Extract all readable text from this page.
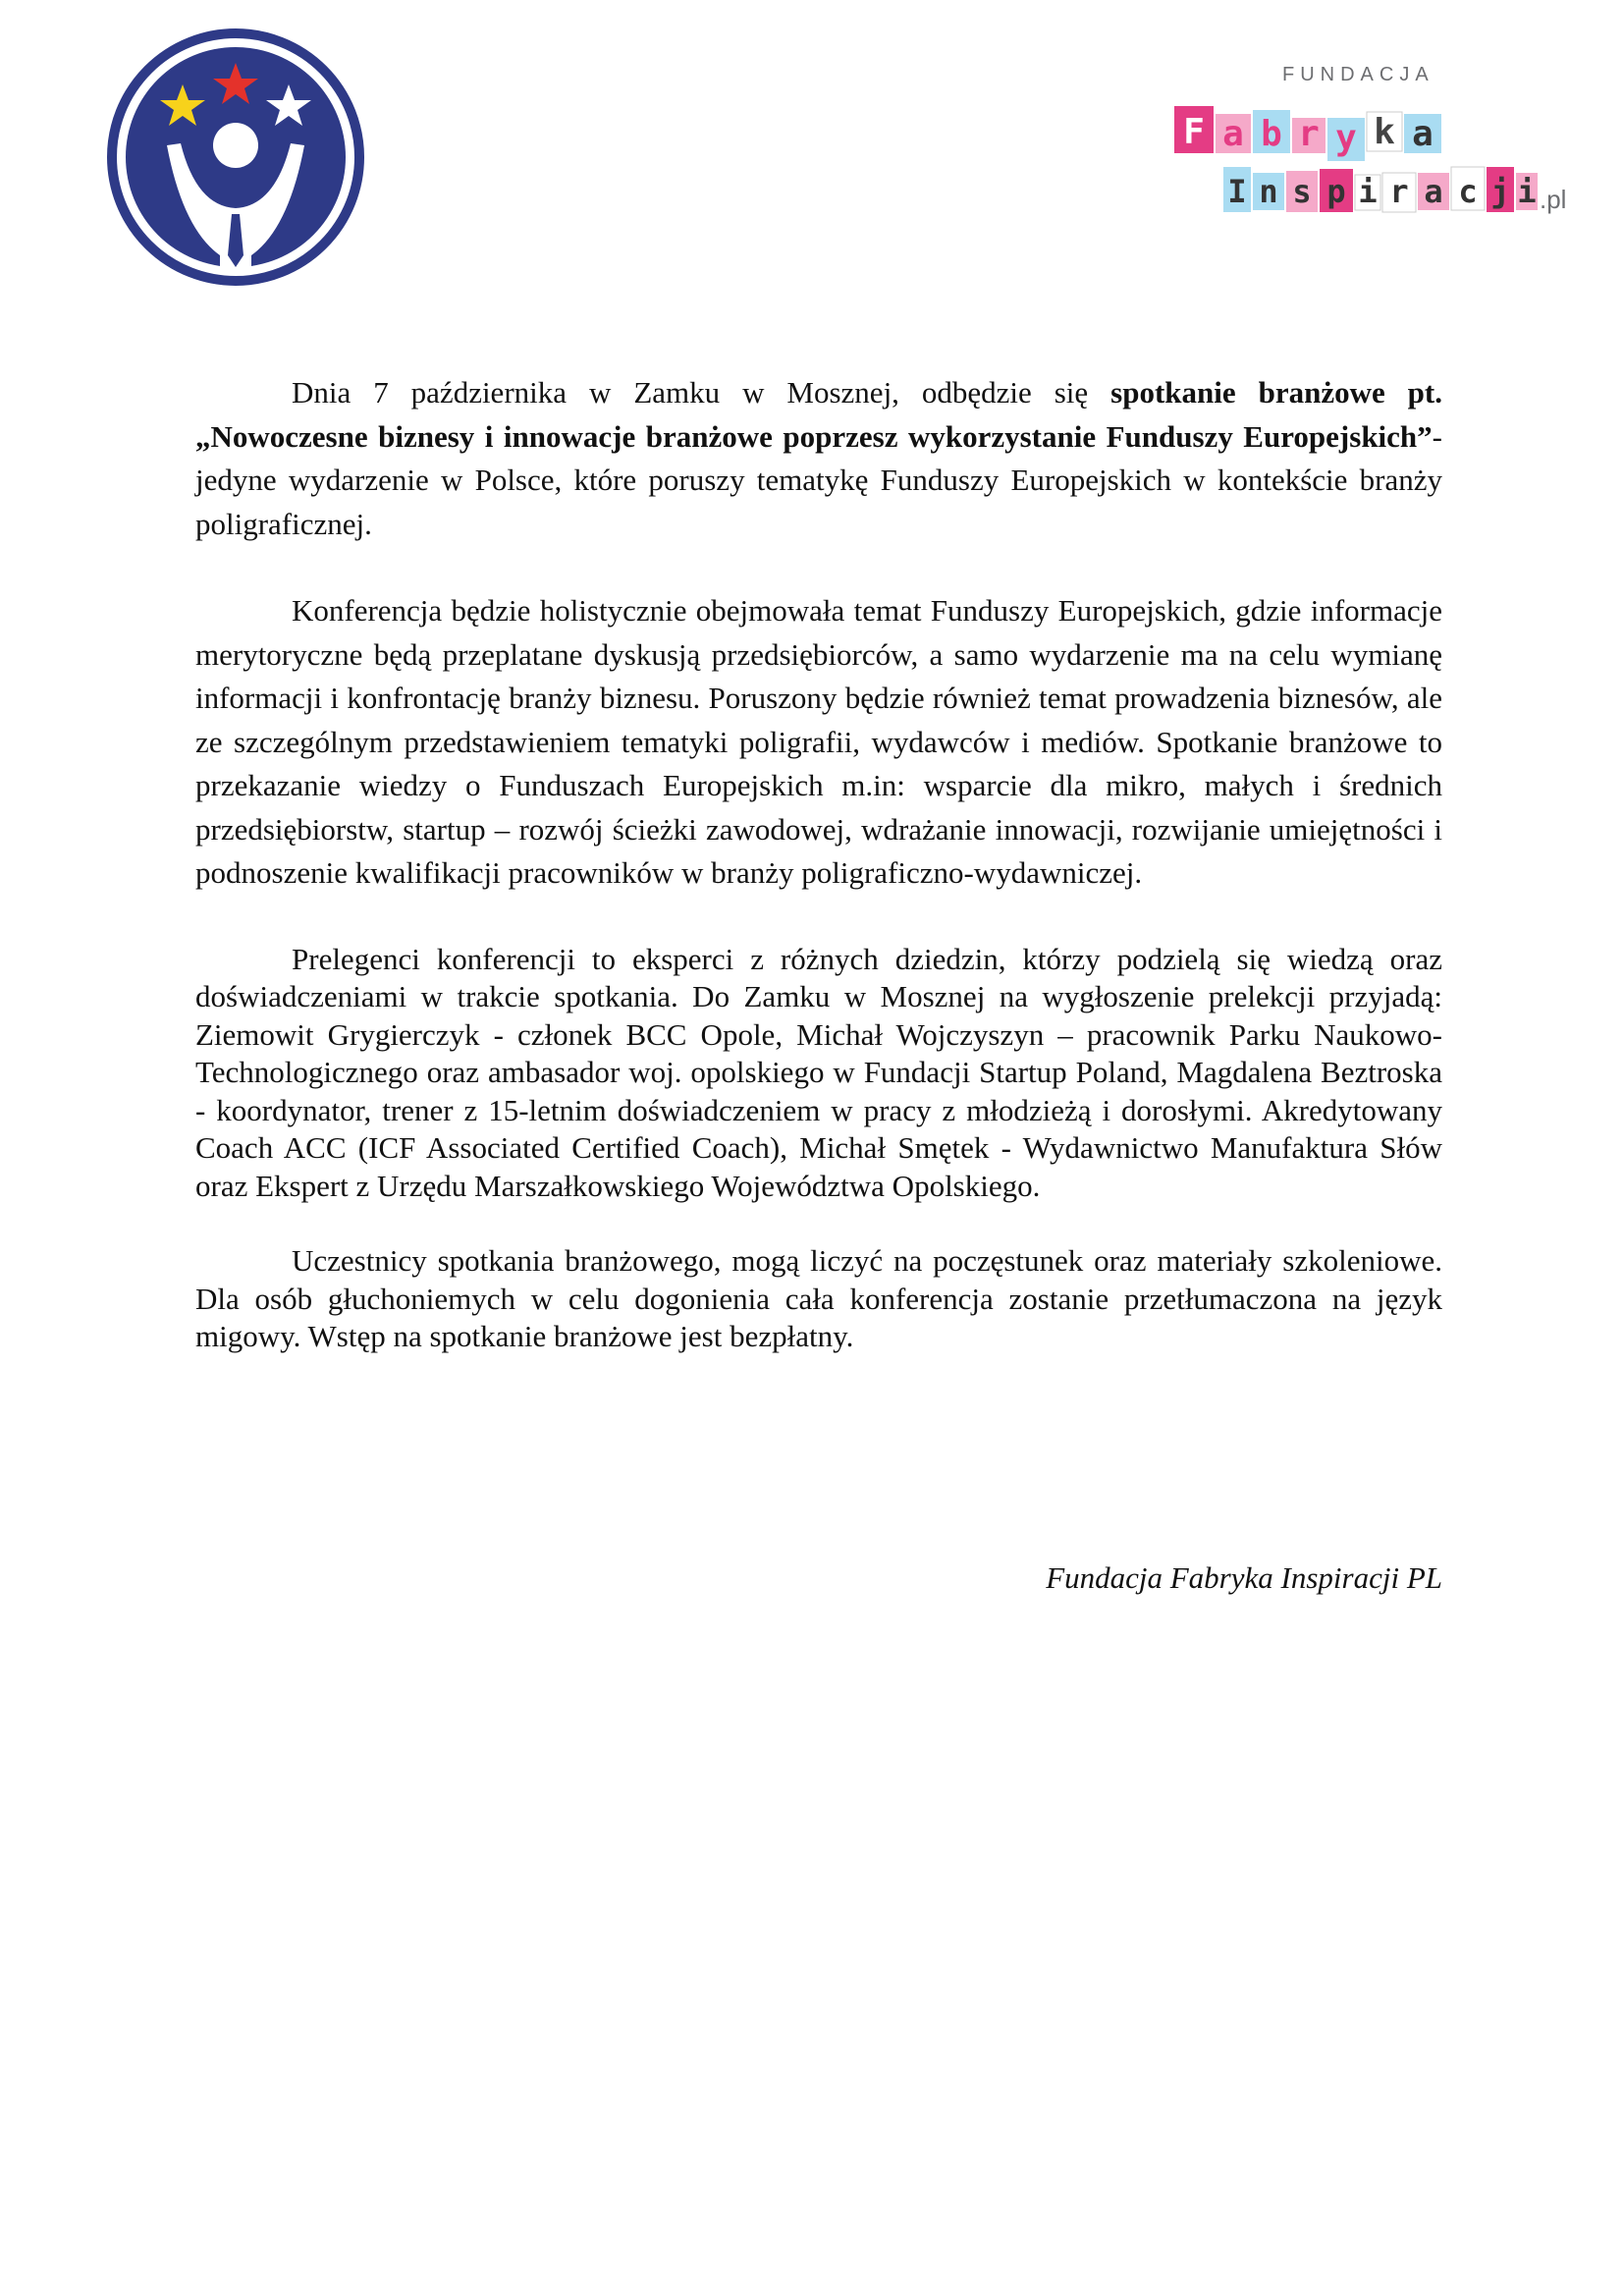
FUNDACJA
F a b r y k a
I n s p i r a c j i .pl

Dnia 7 października w Zamku w Mosznej, odbędzie się spotkanie branżowe pt. „Nowoczesne biznesy i innowacje branżowe poprzesz wykorzystanie Funduszy Europejskich”- jedyne wydarzenie w Polsce, które poruszy tematykę Funduszy Europejskich w kontekście branży poligraficznej.

Konferencja będzie holistycznie obejmowała temat Funduszy Europejskich, gdzie informacje merytoryczne będą przeplatane dyskusją przedsiębiorców, a samo wydarzenie ma na celu wymianę informacji i konfrontację branży biznesu. Poruszony będzie również temat prowadzenia biznesów, ale ze szczególnym przedstawieniem tematyki poligrafii, wydawców i mediów. Spotkanie branżowe to przekazanie wiedzy o Funduszach Europejskich m.in: wsparcie dla mikro, małych i średnich przedsiębiorstw, startup – rozwój ścieżki zawodowej, wdrażanie innowacji, rozwijanie umiejętności i podnoszenie kwalifikacji pracowników w branży poligraficzno-wydawniczej.

Prelegenci konferencji to eksperci z różnych dziedzin, którzy podzielą się wiedzą oraz doświadczeniami w trakcie spotkania. Do Zamku w Mosznej na wygłoszenie prelekcji przyjadą: Ziemowit Grygierczyk - członek BCC Opole, Michał Wojczyszyn – pracownik Parku Naukowo-Technologicznego oraz ambasador woj. opolskiego w Fundacji Startup Poland, Magdalena Beztroska - koordynator, trener z 15-letnim doświadczeniem w pracy z młodzieżą i dorosłymi. Akredytowany Coach ACC (ICF Associated Certified Coach), Michał Smętek - Wydawnictwo Manufaktura Słów oraz Ekspert z Urzędu Marszałkowskiego Województwa Opolskiego.

Uczestnicy spotkania branżowego, mogą liczyć na poczęstunek oraz materiały szkoleniowe. Dla osób głuchoniemych w celu dogonienia cała konferencja zostanie przetłumaczona na język migowy. Wstęp na spotkanie branżowe jest bezpłatny.

Fundacja Fabryka Inspiracji PL
